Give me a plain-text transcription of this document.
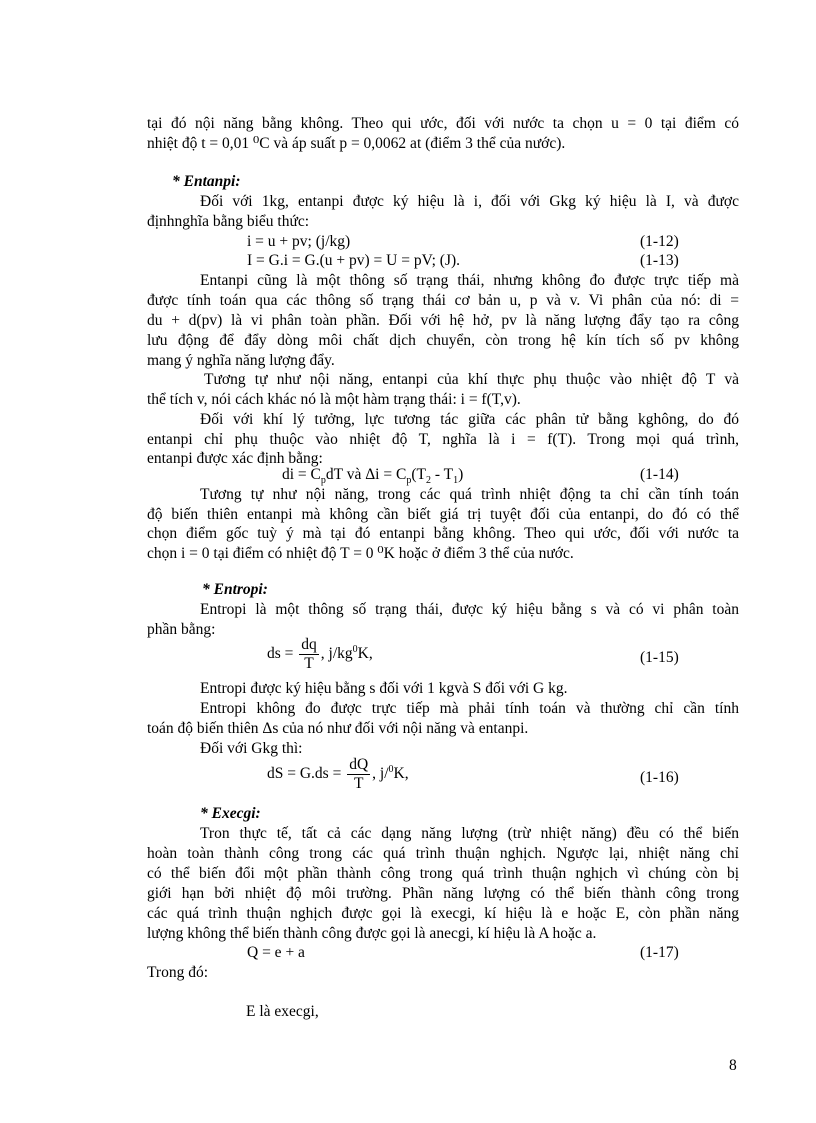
tại đó nội năng bằng không. Theo qui ước, đối với nước ta chọn u = 0 tại điểm có
nhiệt độ t = 0,01 ⁰C và áp suất p = 0,0062 at (điểm 3 thể của nước).
* Entanpi:
Đối với 1kg, entanpi được ký hiệu là i, đối với Gkg ký hiệu là I, và được
địnhnghĩa bằng biểu thức:
i = u + pv; (j/kg)	(1-12)
I = G.i = G.(u + pv) = U = pV; (J).	(1-13)
Entanpi cũng là một thông số trạng thái, nhưng không đo được trực tiếp mà
được tính toán qua các thông số trạng thái cơ bản u, p và v. Vi phân của nó: di =
du + d(pv) là vi phân toàn phần. Đối với hệ hở, pv là năng lượng đẩy tạo ra công
lưu động để đẩy dòng môi chất dịch chuyển, còn trong hệ kín tích số pv không
mang ý nghĩa năng lượng đẩy.
Tương tự như nội năng, entanpi của khí thực phụ thuộc vào nhiệt độ T và
thể tích v, nói cách khác nó là một hàm trạng thái: i = f(T,v).
Đối với khí lý tưởng, lực tương tác giữa các phân tử bằng kghông, do đó
entanpi chỉ phụ thuộc vào nhiệt độ T, nghĩa là i = f(T). Trong mọi quá trình,
entanpi được xác định bằng:
di = $C_pdT$ và $\Delta i = C_p(T_2 - T_1)$	(1-14)
Tương tự như nội năng, trong các quá trình nhiệt động ta chỉ cần tính toán
độ biến thiên entanpi mà không cần biết giá trị tuyệt đối của entanpi, do đó có thể
chọn điểm gốc tuỳ ý mà tại đó entanpi bằng không. Theo qui ước, đối với nước ta
chọn i = 0 tại điểm có nhiệt độ T = 0 ⁰K hoặc ở điểm 3 thể của nước.
* Entropi:
Entropi là một thông số trạng thái, được ký hiệu bằng s và có vi phân toàn
phần bằng:
ds = $\frac{dq}{T}$ , $j/kg^0K$,	(1-15)
Entropi được ký hiệu bằng s đối với 1 kgvà S đối với G kg.
Entropi không đo được trực tiếp mà phải tính toán và thường chỉ cần tính
toán độ biến thiên Δs của nó như đối với nội năng và entanpi.
Đối với Gkg thì:
dS = $G.ds = \frac{dQ}{T}$ , j/$^0$K,	(1-16)
* Execgi:
Tron thực tế, tất cả các dạng năng lượng (trừ nhiệt năng) đều có thể biến
hoàn toàn thành công trong các quá trình thuận nghịch. Ngược lại, nhiệt năng chỉ
có thể biến đổi một phần thành công trong quá trình thuận nghịch vì chúng còn bị
giới hạn bởi nhiệt độ môi trường. Phần năng lượng có thể biến thành công trong
các quá trình thuận nghịch được gọi là execgi, kí hiệu là e hoặc E, còn phần năng
lượng không thể biến thành công được gọi là anecgi, kí hiệu là A hoặc a.
Q = e + a	(1-17)
Trong đó:
E là execgi,
8
